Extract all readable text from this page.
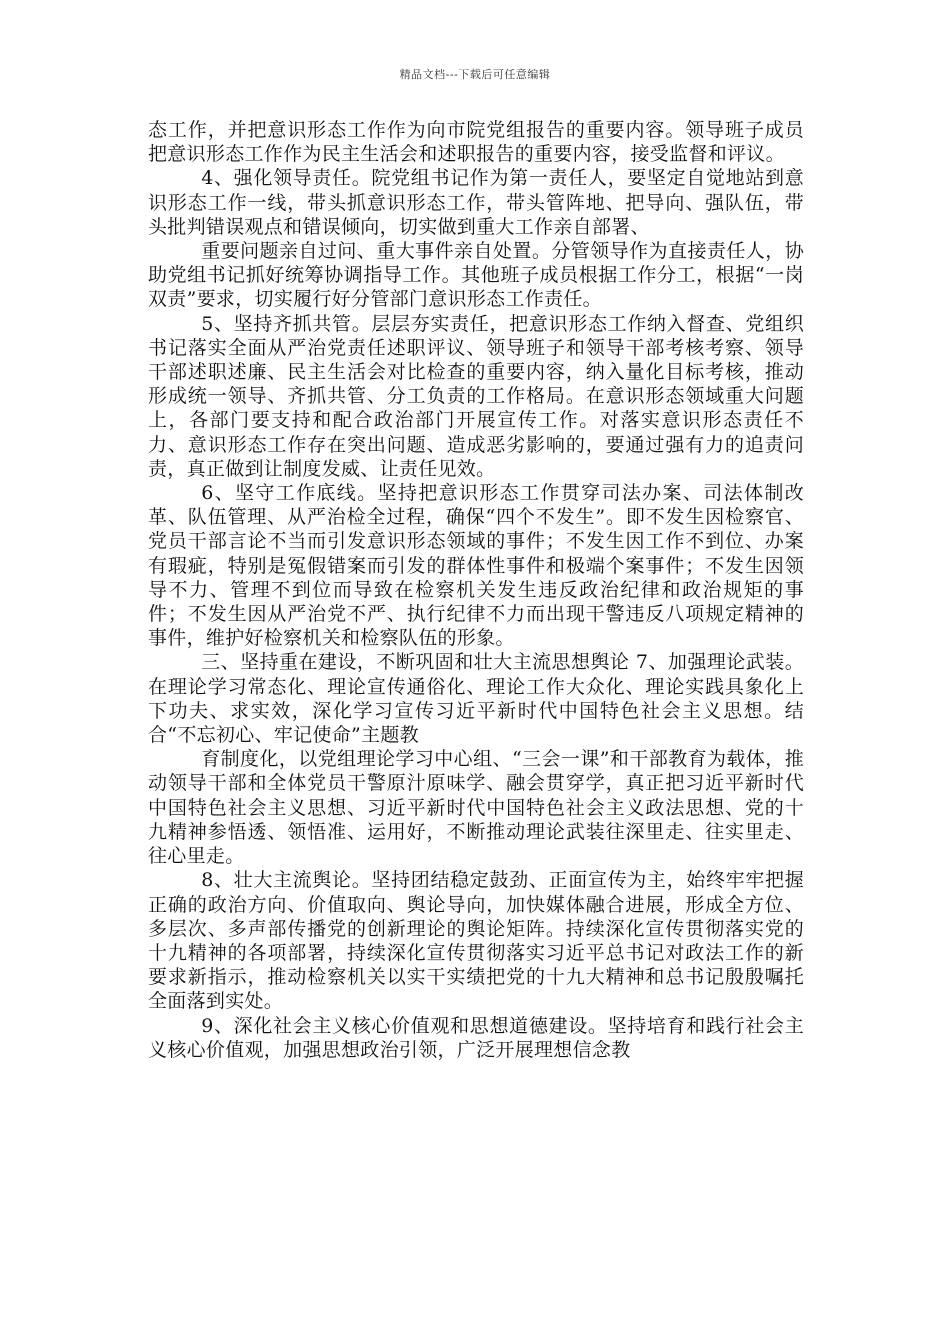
精品文档---下载后可任意编辑

态工作，并把意识形态工作作为向市院党组报告的重要内容。领导班子成员把意识形态工作作为民主生活会和述职报告的重要内容，接受监督和评议。

4、强化领导责任。院党组书记作为第一责任人，要坚定自觉地站到意识形态工作一线，带头抓意识形态工作，带头管阵地、把导向、强队伍，带头批判错误观点和错误倾向，切实做到重大工作亲自部署、

重要问题亲自过问、重大事件亲自处置。分管领导作为直接责任人，协助党组书记抓好统筹协调指导工作。其他班子成员根据工作分工，根据“一岗双责”要求，切实履行好分管部门意识形态工作责任。

5、坚持齐抓共管。层层夯实责任，把意识形态工作纳入督查、党组织书记落实全面从严治党责任述职评议、领导班子和领导干部考核考察、领导干部述职述廉、民主生活会对比检查的重要内容，纳入量化目标考核，推动形成统一领导、齐抓共管、分工负责的工作格局。在意识形态领域重大问题上，各部门要支持和配合政治部门开展宣传工作。对落实意识形态责任不力、意识形态工作存在突出问题、造成恶劣影响的，要通过强有力的追责问责，真正做到让制度发威、让责任见效。

6、坚守工作底线。坚持把意识形态工作贯穿司法办案、司法体制改革、队伍管理、从严治检全过程，确保“四个不发生”。即不发生因检察官、党员干部言论不当而引发意识形态领域的事件；不发生因工作不到位、办案有瑕疵，特别是冤假错案而引发的群体性事件和极端个案事件；不发生因领导不力、管理不到位而导致在检察机关发生违反政治纪律和政治规矩的事件；不发生因从严治党不严、执行纪律不力而出现干警违反八项规定精神的事件，维护好检察机关和检察队伍的形象。

三、坚持重在建设，不断巩固和壮大主流思想舆论 7、加强理论武装。在理论学习常态化、理论宣传通俗化、理论工作大众化、理论实践具象化上下功夫、求实效，深化学习宣传习近平新时代中国特色社会主义思想。结合“不忘初心、牢记使命”主题教

育制度化，以党组理论学习中心组、“三会一课”和干部教育为载体，推动领导干部和全体党员干警原汁原味学、融会贯穿学，真正把习近平新时代中国特色社会主义思想、习近平新时代中国特色社会主义政法思想、党的十九精神参悟透、领悟准、运用好，不断推动理论武装往深里走、往实里走、往心里走。

8、壮大主流舆论。坚持团结稳定鼓劲、正面宣传为主，始终牢牢把握正确的政治方向、价值取向、舆论导向，加快媒体融合进展，形成全方位、多层次、多声部传播党的创新理论的舆论矩阵。持续深化宣传贯彻落实党的十九精神的各项部署，持续深化宣传贯彻落实习近平总书记对政法工作的新要求新指示，推动检察机关以实干实绩把党的十九大精神和总书记殷殷嘱托全面落到实处。

9、深化社会主义核心价值观和思想道德建设。坚持培育和践行社会主义核心价值观，加强思想政治引领，广泛开展理想信念教
